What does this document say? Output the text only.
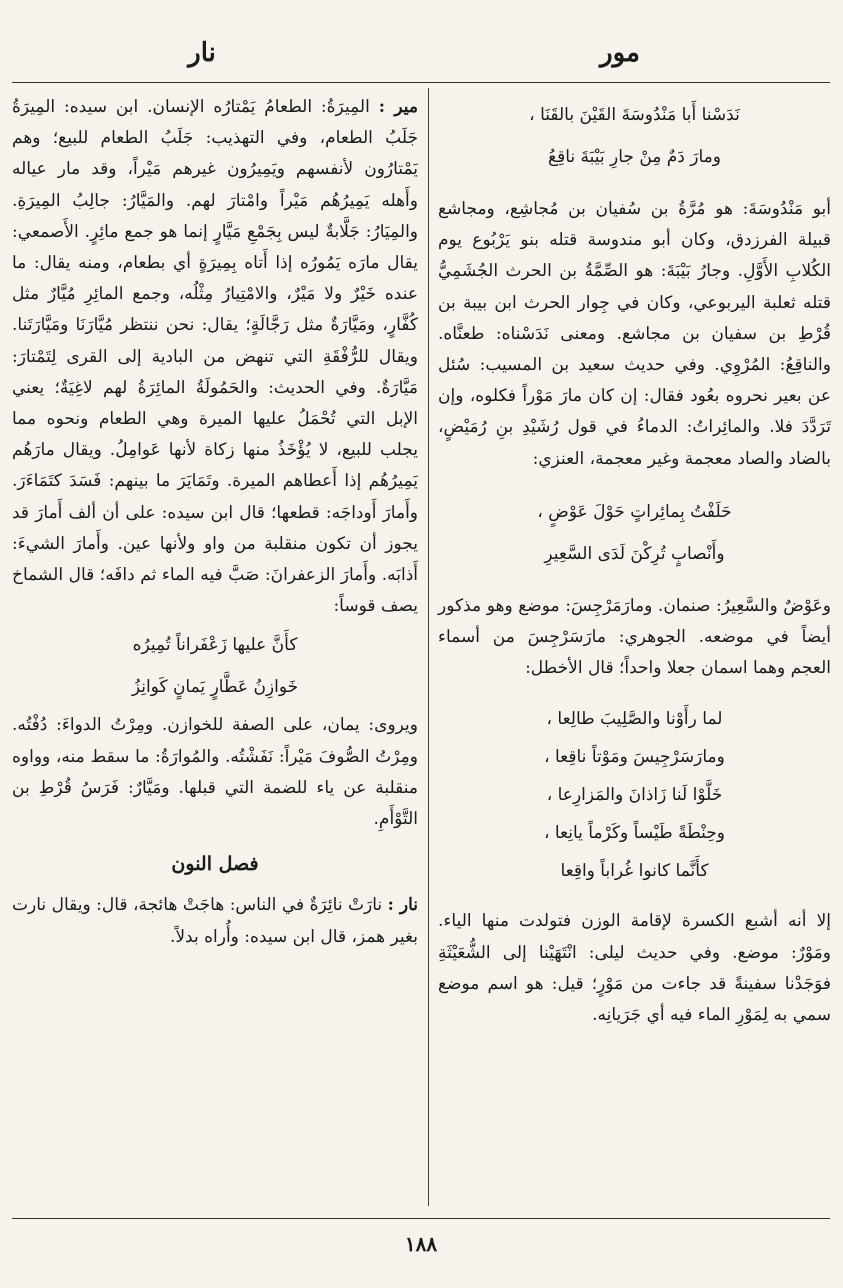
مور
نار

نَدَسْنا أَبا مَنْدُوسَةَ القَيْنَ بالقَنَا ،

ومارَ دَمٌ مِنْ جارِ بَيْبَةَ ناقِعُ

أبو مَنْدُوسَةَ: هو مُرَّةُ بن سُفيان بن مُجاشِع، ومجاشع قبيلة الفرزدق، وكان أبو مندوسة قتله بنو يَرْبُوع يوم الكُلابِ الأَوَّلِ. وجارُ بَيْبَةَ: هو الصِّمَّةُ بن الحرث الجُشَمِيُّ قتله ثعلبة اليربوعي، وكان في جِوار الحرث ابن بيبة بن قُرْطِ بن سفيان بن مجاشع. ومعنى نَدَسْناه: طعنَّاه. والناقِعُ: المُرْوِي. وفي حديث سعيد بن المسيب: سُئل عن بعير نحروه بعُود فقال: إن كان مارَ مَوْراً فكلوه، وإن تَرَدَّدَ فلا. والمائِراتُ: الدماءُ في قول رُشَيْدِ بنِ رُمَيْضٍ، بالضاد والصاد معجمة وغير معجمة، العنزي:

حَلَفْتُ بِمائِراتٍ حَوْلَ عَوْضٍ ،

وأَنْصابٍ تُرِكْنَ لَدَى السَّعِيرِ

وعَوْضٌ والسَّعِيرُ: صنمان. ومارَمَرْجِسَ: موضع وهو مذكور أيضاً في موضعه. الجوهري: مارَسَرْجِسَ من أسماء العجم وهما اسمان جعلا واحداً؛ قال الأخطل:

لما رأَوْنا والصَّلِيبَ طالِعا ،

ومارَسَرْجِيسَ ومَوْتاً ناقِعا ،

خَلَّوْا لَنا زَاذانَ والمَزارِعا ،

وحِنْطَةً طَيْساً وكَرْماً يانِعا ،

كأَنَّما كانوا غُراباً واقِعا

إلا أنه أشبع الكسرة لإقامة الوزن فتولدت منها الياء. ومَوْرٌ: موضع. وفي حديث ليلى: انْتَهَيْنا إلى الشُّعَيْثَةِ فوَجَدْنا سفينةً قد جاءت من مَوْرٍ؛ قيل: هو اسم موضع سمي به لِمَوْرِ الماء فيه أي جَرَيانِه.

مير : المِيرَةُ: الطعامُ يَمْتارُه الإنسان. ابن سيده: المِيرَةُ جَلَبُ الطعام، وفي التهذيب: جَلَبُ الطعام للبيع؛ وهم يَمْتارُون لأنفسهم ويَمِيرُون غيرهم مَيْراً، وقد مار عياله وأَهله يَمِيرُهُم مَيْراً وامْتارَ لهم. والمَيَّارُ: جالِبُ المِيرَةِ. والمِيَارُ: جَلَّابةٌ ليس بِجَمْعِ مَيَّارٍ إنما هو جمع مائِرٍ. الأَصمعي: يقال مارَه يَمُورُه إذا أَتاه بِمِيرَةٍ أي بطعام، ومنه يقال: ما عنده خَيْرٌ ولا مَيْرٌ، والامْتِيارُ مِثْلُه، وجمع المائِرِ مُيَّارٌ مثل كُفَّارٍ، ومَيَّارَةٌ مثل رَجَّالَةٍ؛ يقال: نحن ننتظر مُيَّارَنَا ومَيَّارَتَنا. ويقال للرُّفْقَةِ التي تنهض من البادية إلى القرى لِتَمْتارَ: مَيَّارَةٌ. وفي الحديث: والحَمُولَةُ المائِرَةُ لهم لاغِيَةٌ؛ يعني الإبل التي تُحْمَلُ عليها الميرة وهي الطعام ونحوه مما يجلب للبيع، لا يُؤْخَذُ منها زكاة لأنها عَوامِلُ. ويقال مارَهُم يَمِيرُهُم إذا أَعطاهم الميرة. وتَمَايَرَ ما بينهم: فَسَدَ كتَمَاءَرَ. وأَمارَ أَوداجَه: قطعها؛ قال ابن سيده: على أن ألف أَمارَ قد يجوز أن تكون منقلبة من واو ولأنها عين. وأَمارَ الشيءَ: أَذابَه. وأَمارَ الزعفرانَ: صَبَّ فيه الماء ثم دافَه؛ قال الشماخ يصف قوساً:

كأَنَّ عليها زَعْفَراناً تُمِيرُه

خَوازِنُ عَطَّارٍ يَمانٍ كَوانِزُ

ويروى: يمان، على الصفة للخوازن. ومِرْتُ الدواءَ: دُفْتُه. ومِرْتُ الصُّوفَ مَيْراً: نَفَشْتُه. والمُوارَةُ: ما سقط منه، وواوه منقلبة عن ياء للضمة التي قبلها. ومَيَّارٌ: فَرَسُ قُرْطِ بن التَّوْأَمِ.

فصل النون

نار : نارَتْ نائِرَةٌ في الناس: هاجَتْ هائجة، قال: ويقال نارت بغير همز، قال ابن سيده: وأُراه بدلاً.

١٨٨
